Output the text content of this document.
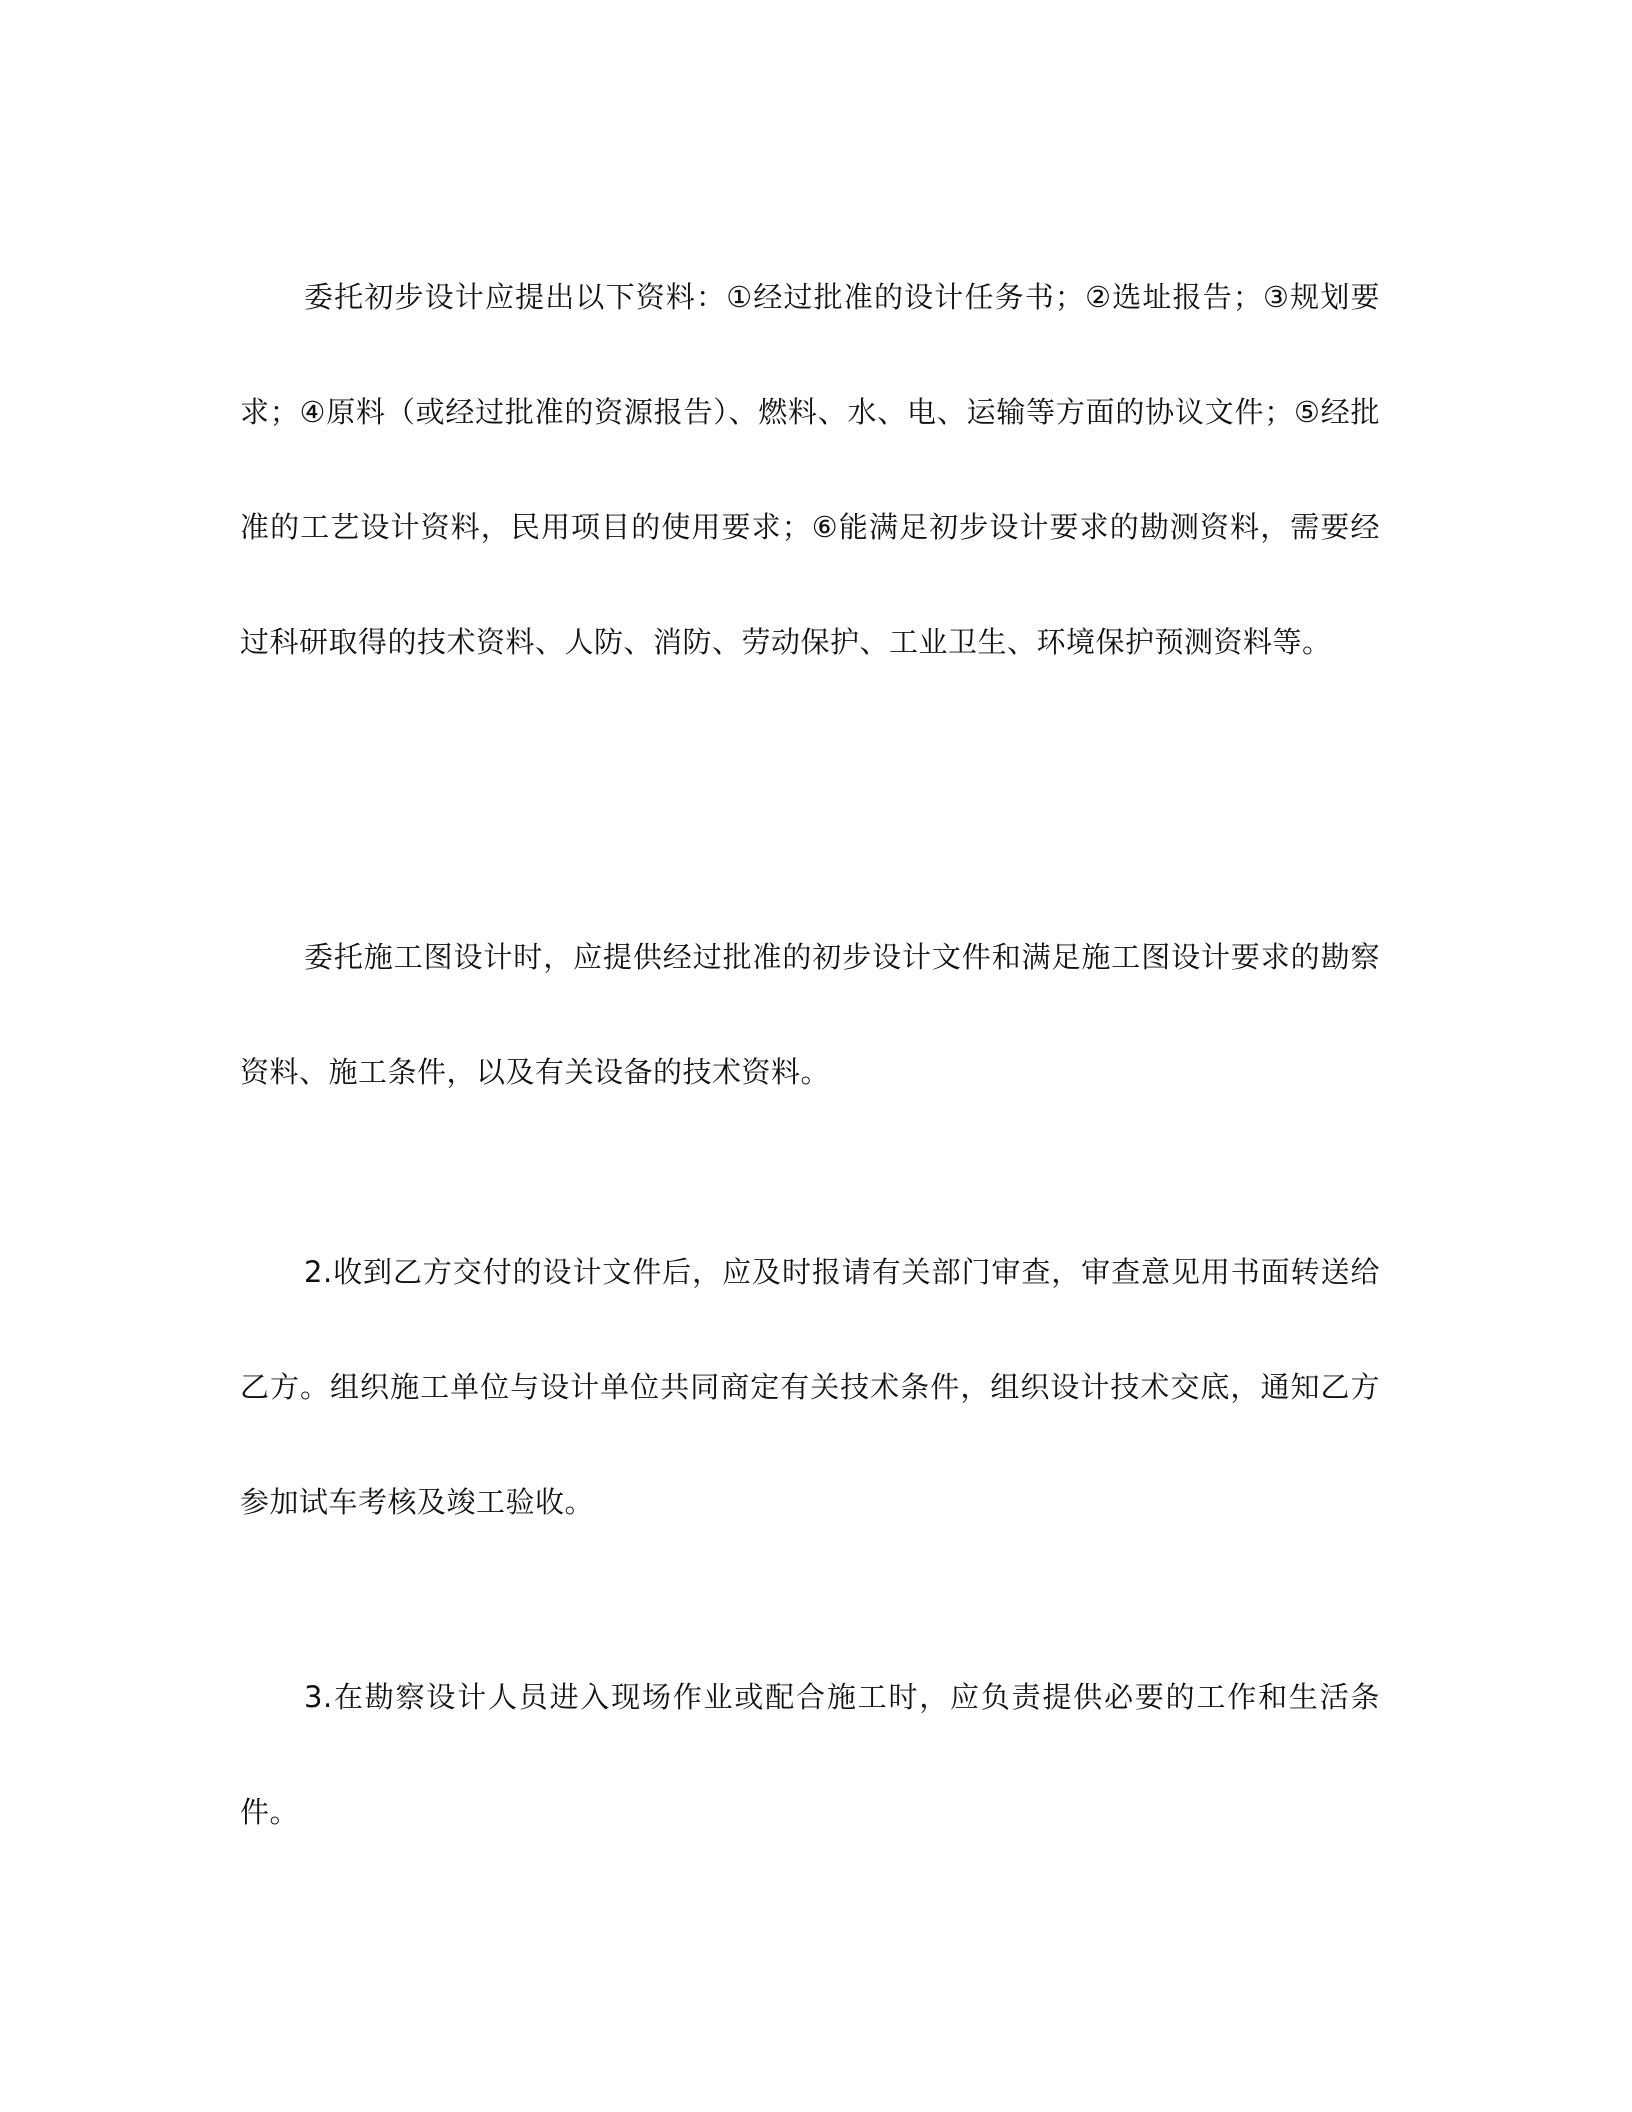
委托初步设计应提出以下资料：①经过批准的设计任务书；②选址报告；③规划要求；④原料（或经过批准的资源报告）、燃料、水、电、运输等方面的协议文件；⑤经批准的工艺设计资料，民用项目的使用要求；⑥能满足初步设计要求的勘测资料，需要经过科研取得的技术资料、人防、消防、劳动保护、工业卫生、环境保护预测资料等。

委托施工图设计时，应提供经过批准的初步设计文件和满足施工图设计要求的勘察资料、施工条件，以及有关设备的技术资料。

2.收到乙方交付的设计文件后，应及时报请有关部门审查，审查意见用书面转送给乙方。组织施工单位与设计单位共同商定有关技术条件，组织设计技术交底，通知乙方参加试车考核及竣工验收。

3.在勘察设计人员进入现场作业或配合施工时，应负责提供必要的工作和生活条件。
